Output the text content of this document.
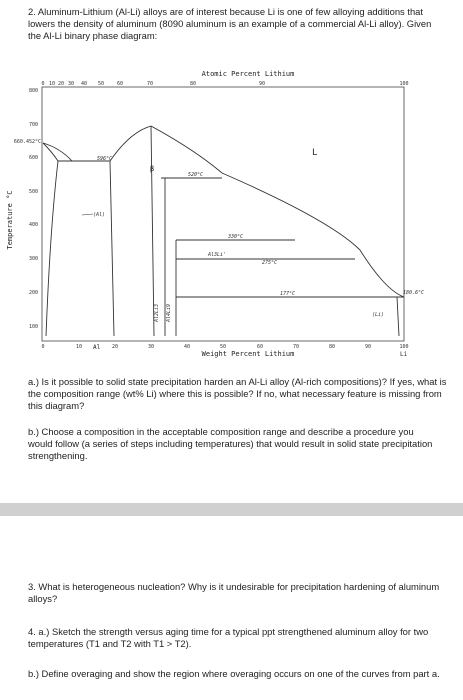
2. Aluminum-Lithium (Al-Li) alloys are of interest because Li is one of few alloying additions that lowers the density of aluminum (8090 aluminum is an example of a commercial Al-Li alloy). Given the Al-Li binary phase diagram:

Atomic Percent Lithium
0 10 20 30 40 50	60	70	80	90	100
Temperature °C
800
700
660.452°C
600
500
400
300
200
100
0	10	20	30	40	50	60	70	80	90	100
Al
Li
Weight Percent Lithium
L
(Al)
(Li)
β
Al3Li'
Al2Li3 Al4Li9
596°C
520°C
330°C
275°C
177°C	180.6°C

a.) Is it possible to solid state precipitation harden an Al-Li alloy (Al-rich compositions)? If yes, what is the composition range (wt% Li) where this is possible? If no, what necessary feature is missing from this diagram?

b.) Choose a composition in the acceptable composition range and describe a procedure you would follow (a series of steps including temperatures) that would result in solid state precipitation strengthening.

3. What is heterogeneous nucleation? Why is it undesirable for precipitation hardening of aluminum alloys?

4. a.) Sketch the strength versus aging time for a typical ppt strengthened aluminum alloy for two temperatures (T1 and T2 with T1 > T2).

b.) Define overaging and show the region where overaging occurs on one of the curves from part a.
